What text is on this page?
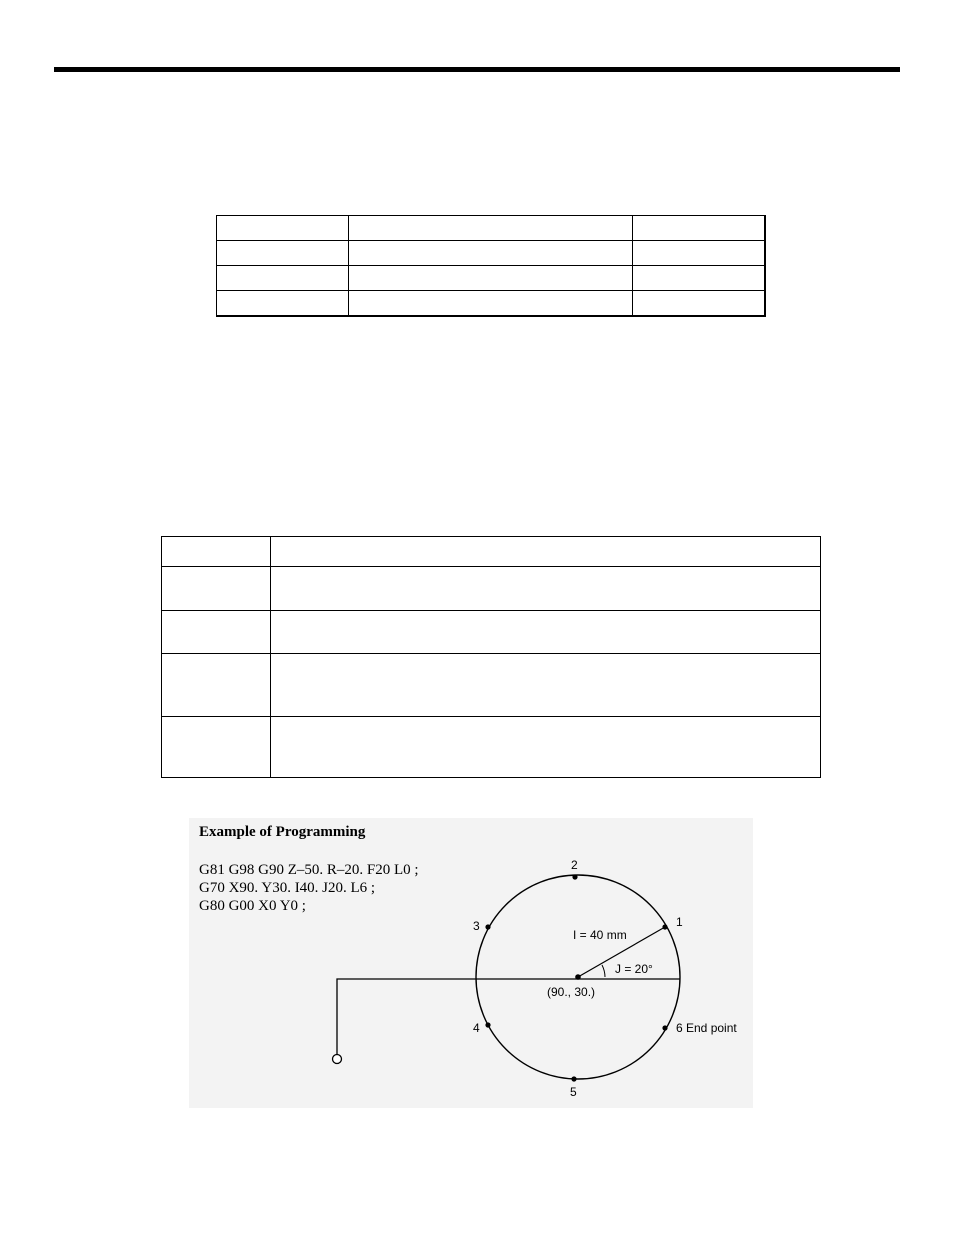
Example of Programming
G81 G98 G90 Z–50. R–20. F20 L0 ;
G70 X90. Y30. I40. J20. L6 ;
G80 G00 X0 Y0 ;
1
2
3
4
5
6 End point
I = 40 mm
J = 20°
(90., 30.)
